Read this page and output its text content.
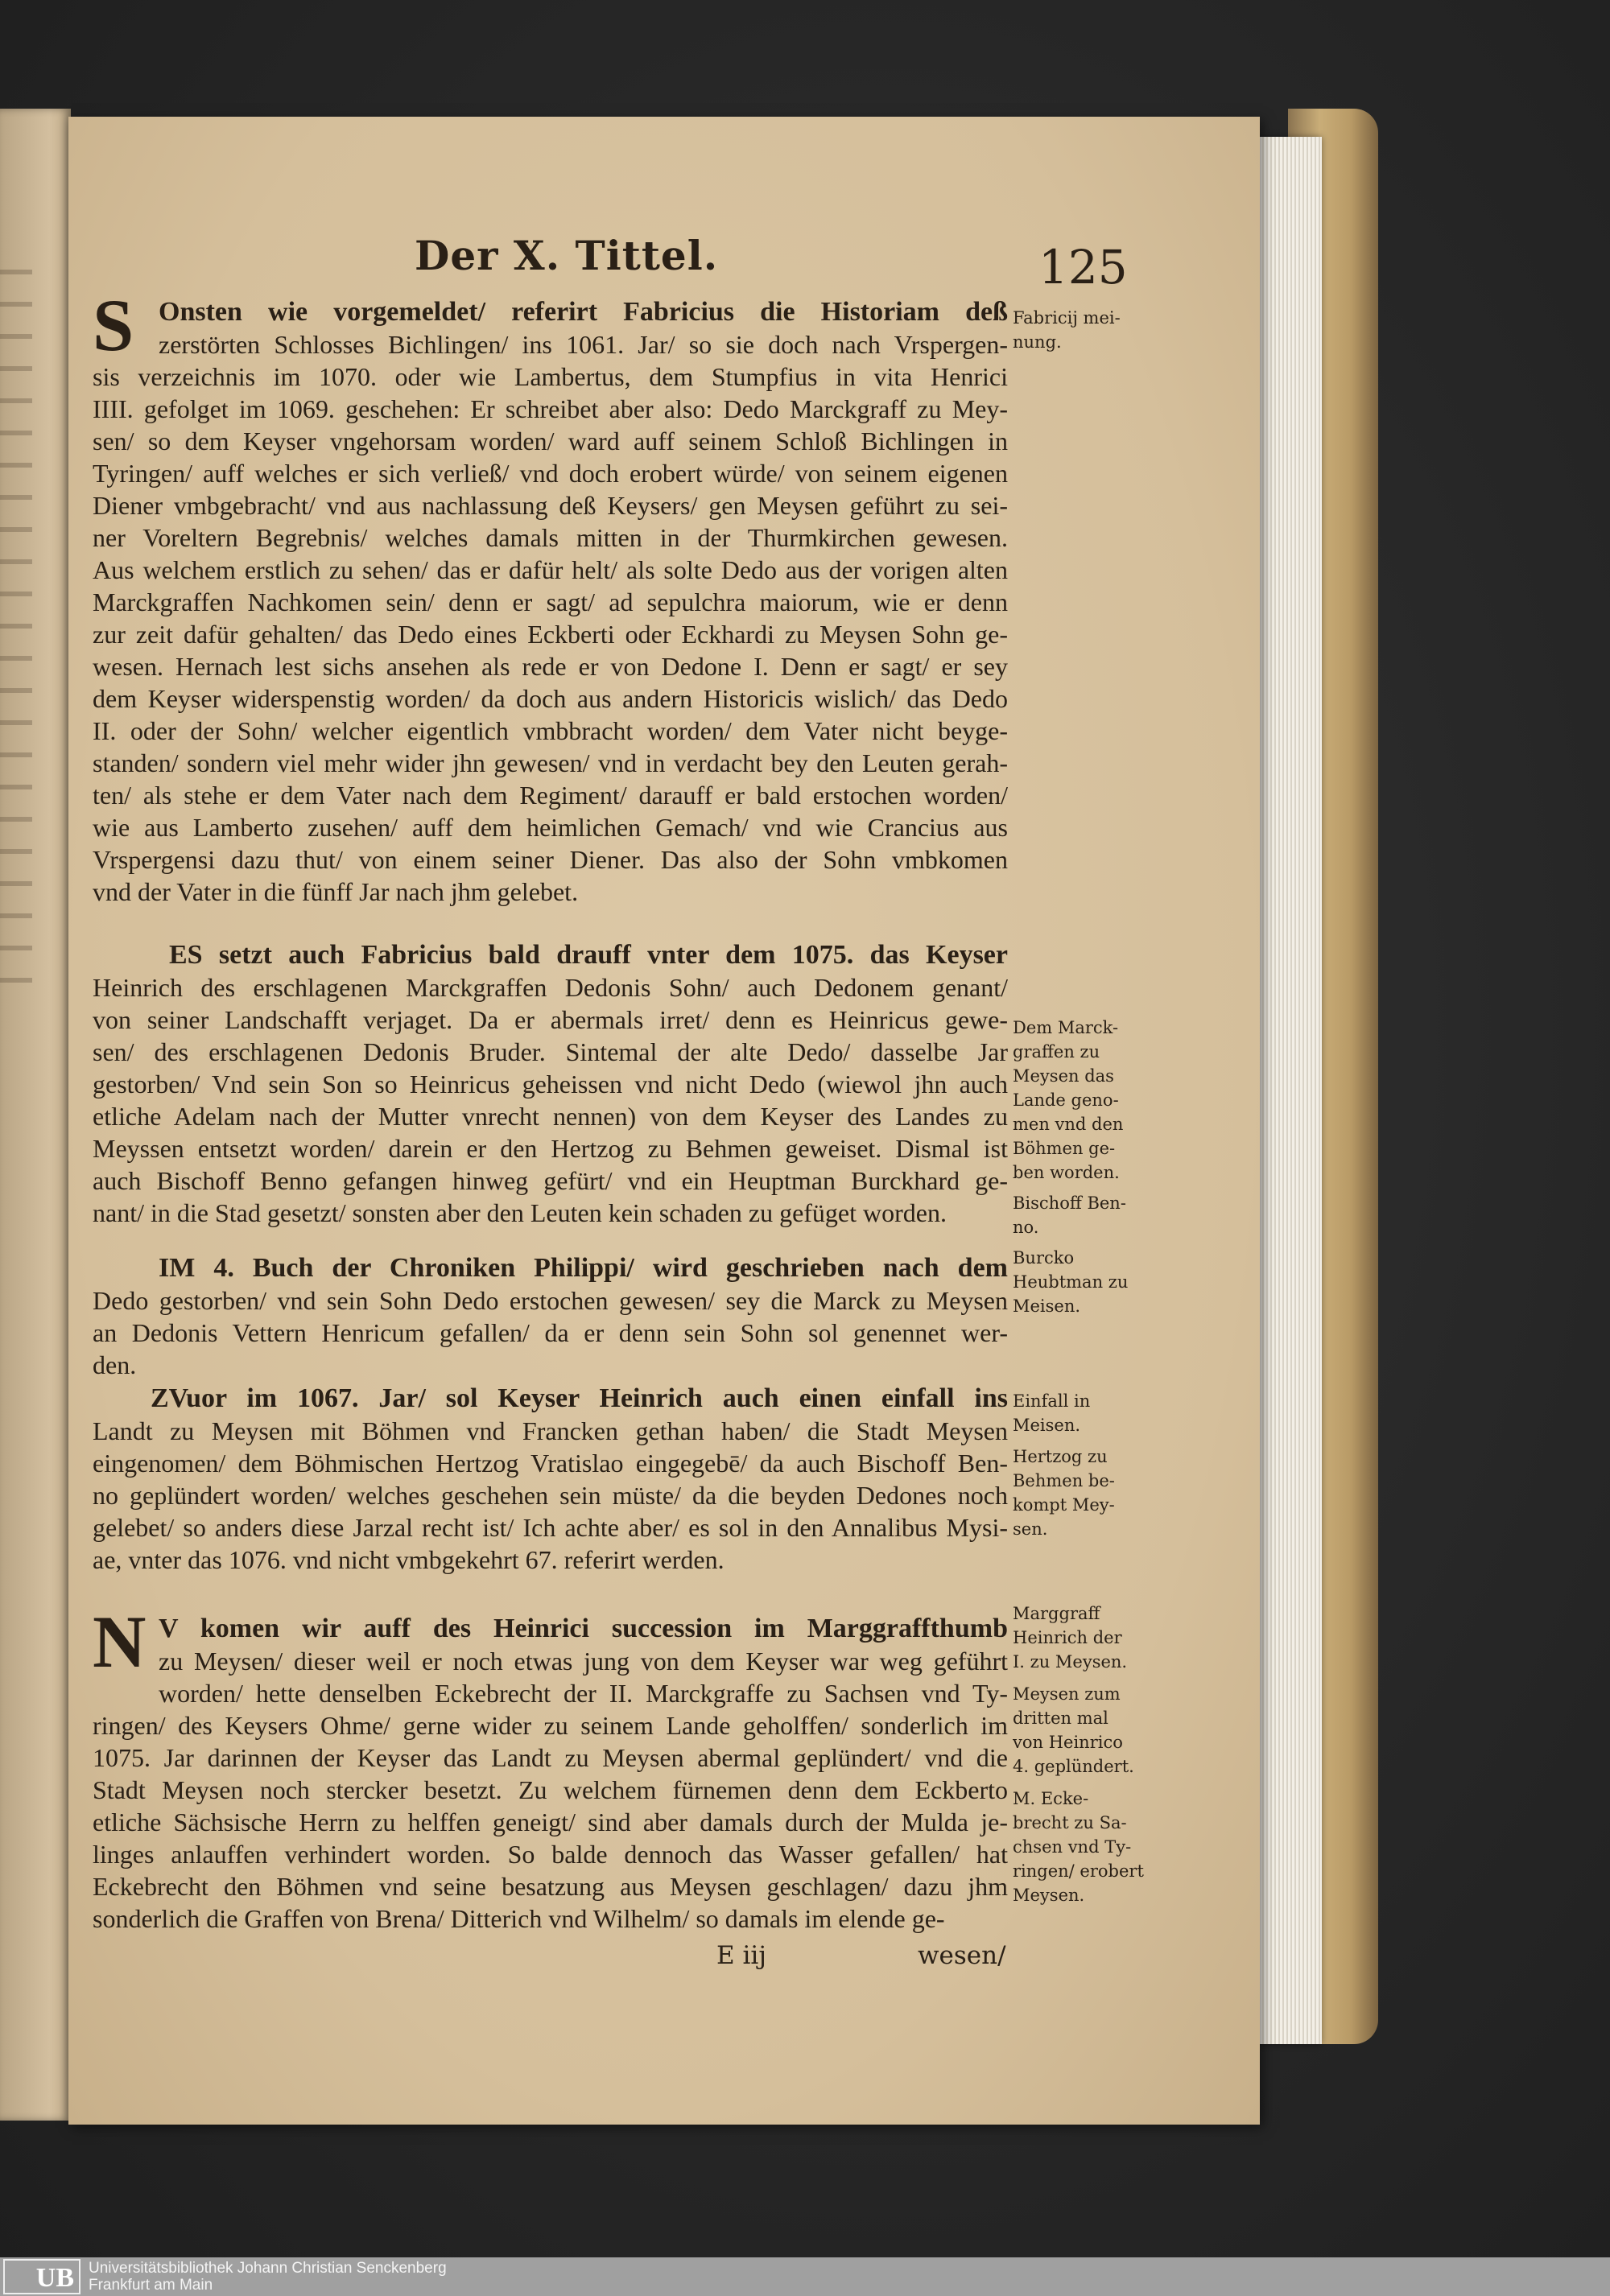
Der X. Tittel.	125
S Onsten wie vorgemeldet/ referirt Fabricius die Historiam deß
zerstörten Schlosses Bichlingen/ ins 1061. Jar/ so sie doch nach Vrspergen-
sis verzeichnis im 1070. oder wie Lambertus, dem Stumpfius in vita Henrici
IIII. gefolget im 1069. geschehen: Er schreibet aber also: Dedo Marckgraff zu Mey-
sen/ so dem Keyser vngehorsam worden/ ward auff seinem Schloß Bichlingen in
Tyringen/ auff welches er sich verließ/ vnd doch erobert würde/ von seinem eigenen
Diener vmbgebracht/ vnd aus nachlassung deß Keysers/ gen Meysen geführt zu sei-
ner Voreltern Begrebnis/ welches damals mitten in der Thurmkirchen gewesen.
Aus welchem erstlich zu sehen/ das er dafür helt/ als solte Dedo aus der vorigen alten
Marckgraffen Nachkomen sein/ denn er sagt/ ad sepulchra maiorum, wie er denn
zur zeit dafür gehalten/ das Dedo eines Eckberti oder Eckhardi zu Meysen Sohn ge-
wesen. Hernach lest sichs ansehen als rede er von Dedone I. Denn er sagt/ er sey
dem Keyser widerspenstig worden/ da doch aus andern Historicis wislich/ das Dedo
II. oder der Sohn/ welcher eigentlich vmbbracht worden/ dem Vater nicht beyge-
standen/ sondern viel mehr wider jhn gewesen/ vnd in verdacht bey den Leuten gerah-
ten/ als stehe er dem Vater nach dem Regiment/ darauff er bald erstochen worden/
wie aus Lamberto zusehen/ auff dem heimlichen Gemach/ vnd wie Crancius aus
Vrspergensi dazu thut/ von einem seiner Diener. Das also der Sohn vmbkomen
vnd der Vater in die fünff Jar nach jhm gelebet.
ES setzt auch Fabricius bald drauff vnter dem 1075. das Keyser
Heinrich des erschlagenen Marckgraffen Dedonis Sohn/ auch Dedonem genant/
von seiner Landschafft verjaget. Da er abermals irret/ denn es Heinricus gewe-
sen/ des erschlagenen Dedonis Bruder. Sintemal der alte Dedo/ dasselbe Jar
gestorben/ Vnd sein Son so Heinricus geheissen vnd nicht Dedo (wiewol jhn auch
etliche Adelam nach der Mutter vnrecht nennen) von dem Keyser des Landes zu
Meyssen entsetzt worden/ darein er den Hertzog zu Behmen geweiset. Dismal ist
auch Bischoff Benno gefangen hinweg gefürt/ vnd ein Heuptman Burckhard ge-
nant/ in die Stad gesetzt/ sonsten aber den Leuten kein schaden zu gefüget worden.
IM 4. Buch der Chroniken Philippi/ wird geschrieben nach dem
Dedo gestorben/ vnd sein Sohn Dedo erstochen gewesen/ sey die Marck zu Meysen
an Dedonis Vettern Henricum gefallen/ da er denn sein Sohn sol genennet wer-
den.
ZVuor im 1067. Jar/ sol Keyser Heinrich auch einen einfall ins
Landt zu Meysen mit Böhmen vnd Francken gethan haben/ die Stadt Meysen
eingenomen/ dem Böhmischen Hertzog Vratislao eingegebē/ da auch Bischoff Ben-
no geplündert worden/ welches geschehen sein müste/ da die beyden Dedones noch
gelebet/ so anders diese Jarzal recht ist/ Ich achte aber/ es sol in den Annalibus Mysi-
ae, vnter das 1076. vnd nicht vmbgekehrt 67. referirt werden.
N V komen wir auff des Heinrici succession im Marggraffthumb
zu Meysen/ dieser weil er noch etwas jung von dem Keyser war weg geführt
worden/ hette denselben Eckebrecht der II. Marckgraffe zu Sachsen vnd Ty-
ringen/ des Keysers Ohme/ gerne wider zu seinem Lande geholffen/ sonderlich im
1075. Jar darinnen der Keyser das Landt zu Meysen abermal geplündert/ vnd die
Stadt Meysen noch stercker besetzt. Zu welchem fürnemen denn dem Eckberto
etliche Sächsische Herrn zu helffen geneigt/ sind aber damals durch der Mulda je-
linges anlauffen verhindert worden. So balde dennoch das Wasser gefallen/ hat
Eckebrecht den Böhmen vnd seine besatzung aus Meysen geschlagen/ dazu jhm
sonderlich die Graffen von Brena/ Ditterich vnd Wilhelm/ so damals im elende ge-
Fabricij mei-
nung.
Dem Marck-
graffen zu
Meysen das
Lande geno-
men vnd den
Böhmen ge-
ben worden.
Bischoff Ben-
no.
Burcko
Heubtman zu
Meisen.
Einfall in
Meisen.
Hertzog zu
Behmen be-
kompt Mey-
sen.
Marggraff
Heinrich der
I. zu Meysen.
Meysen zum
dritten mal
von Heinrico
4. geplündert.
M. Ecke-
brecht zu Sa-
chsen vnd Ty-
ringen/ erobert
Meysen.
E iij	wesen/
UB Universitätsbibliothek Johann Christian Senckenberg
Frankfurt am Main
